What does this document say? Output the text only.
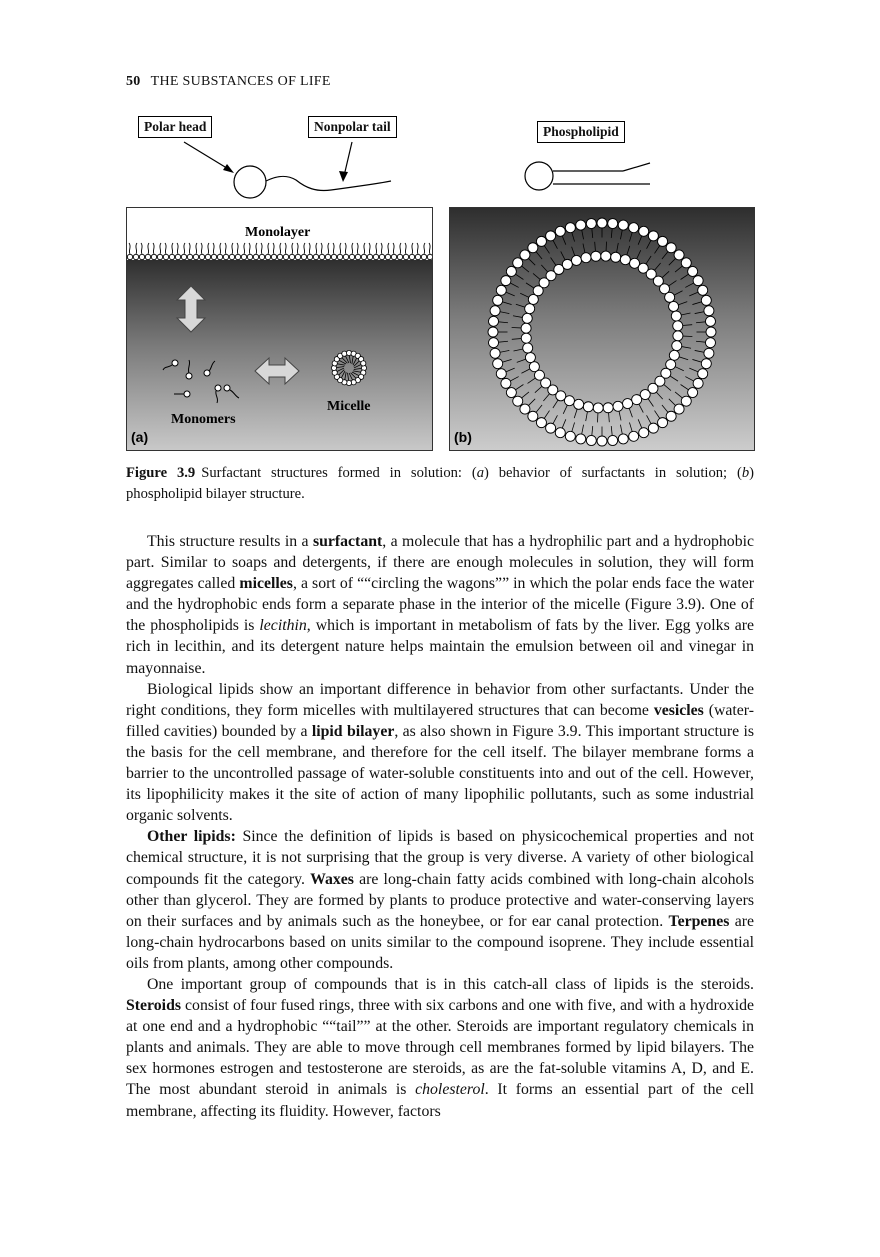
50 THE SUBSTANCES OF LIFE
Polar head	Nonpolar tail	Phospholipid
Monolayer
Micelle
Monomers
(a)	(b)
Figure 3.9 Surfactant structures formed in solution: (a) behavior of surfactants in solution; (b) phospholipid bilayer structure.

This structure results in a surfactant, a molecule that has a hydrophilic part and a hydrophobic part. Similar to soaps and detergents, if there are enough molecules in solution, they will form aggregates called micelles, a sort of ““circling the wagons”” in which the polar ends face the water and the hydrophobic ends form a separate phase in the interior of the micelle (Figure 3.9). One of the phospholipids is lecithin, which is important in metabolism of fats by the liver. Egg yolks are rich in lecithin, and its detergent nature helps maintain the emulsion between oil and vinegar in mayonnaise.

Biological lipids show an important difference in behavior from other surfactants. Under the right conditions, they form micelles with multilayered structures that can become vesicles (water-filled cavities) bounded by a lipid bilayer, as also shown in Figure 3.9. This important structure is the basis for the cell membrane, and therefore for the cell itself. The bilayer membrane forms a barrier to the uncontrolled passage of water-soluble constituents into and out of the cell. However, its lipophilicity makes it the site of action of many lipophilic pollutants, such as some industrial organic solvents.

Other lipids: Since the definition of lipids is based on physicochemical properties and not chemical structure, it is not surprising that the group is very diverse. A variety of other biological compounds fit the category. Waxes are long-chain fatty acids combined with long-chain alcohols other than glycerol. They are formed by plants to produce protective and water-conserving layers on their surfaces and by animals such as the honeybee, or for ear canal protection. Terpenes are long-chain hydrocarbons based on units similar to the compound isoprene. They include essential oils from plants, among other compounds.

One important group of compounds that is in this catch-all class of lipids is the steroids. Steroids consist of four fused rings, three with six carbons and one with five, and with a hydroxide at one end and a hydrophobic ““tail”” at the other. Steroids are important regulatory chemicals in plants and animals. They are able to move through cell membranes formed by lipid bilayers. The sex hormones estrogen and testosterone are steroids, as are the fat-soluble vitamins A, D, and E. The most abundant steroid in animals is cholesterol. It forms an essential part of the cell membrane, affecting its fluidity. However, factors
